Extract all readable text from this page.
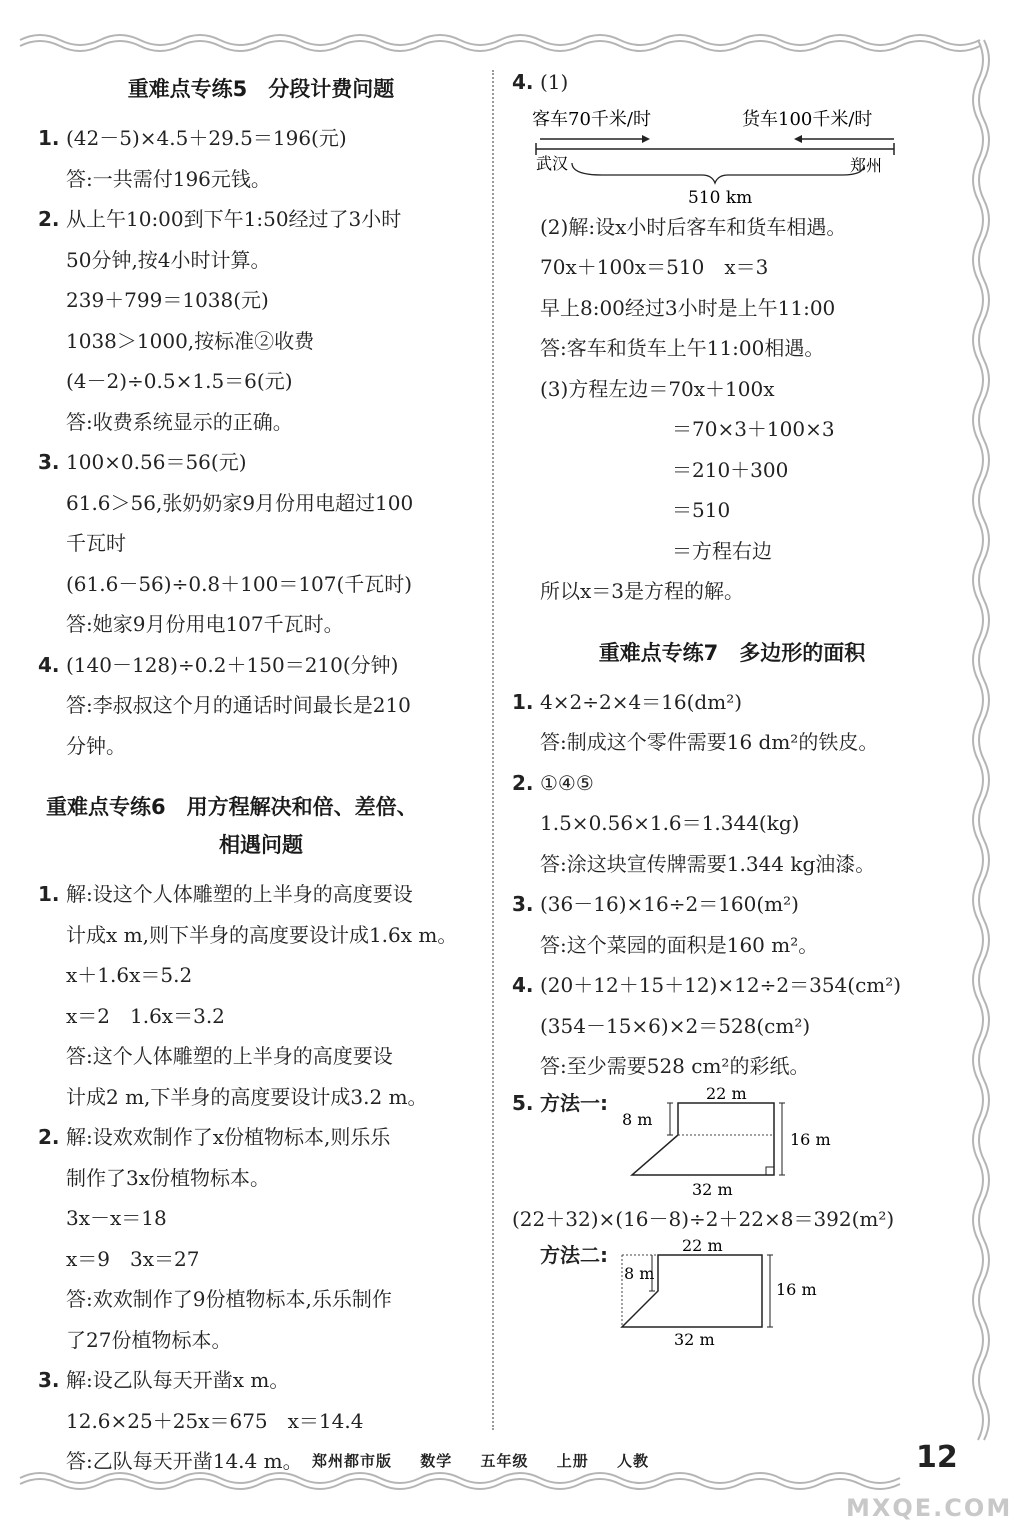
重难点专练5　分段计费问题
1. (42－5)×4.5＋29.5＝196(元)
答:一共需付196元钱。
2. 从上午10:00到下午1:50经过了3小时
50分钟,按4小时计算。
239＋799＝1038(元)
1038＞1000,按标准②收费
(4－2)÷0.5×1.5＝6(元)
答:收费系统显示的正确。
3. 100×0.56＝56(元)
61.6＞56,张奶奶家9月份用电超过100
千瓦时
(61.6－56)÷0.8＋100＝107(千瓦时)
答:她家9月份用电107千瓦时。
4. (140－128)÷0.2＋150＝210(分钟)
答:李叔叔这个月的通话时间最长是210
分钟。
重难点专练6　用方程解决和倍、差倍、
相遇问题
1. 解:设这个人体雕塑的上半身的高度要设
计成x m,则下半身的高度要设计成1.6x m。
x＋1.6x＝5.2
x＝2　1.6x＝3.2
答:这个人体雕塑的上半身的高度要设
计成2 m,下半身的高度要设计成3.2 m。
2. 解:设欢欢制作了x份植物标本,则乐乐
制作了3x份植物标本。
3x－x＝18
x＝9　3x＝27
答:欢欢制作了9份植物标本,乐乐制作
了27份植物标本。
3. 解:设乙队每天开凿x m。
12.6×25＋25x＝675　x＝14.4
答:乙队每天开凿14.4 m。
4. (1)
客车70千米/时	货车100千米/时
武汉	郑州
510 km
(2)解:设x小时后客车和货车相遇。
70x＋100x＝510　x＝3
早上8:00经过3小时是上午11:00
答:客车和货车上午11:00相遇。
(3)方程左边＝70x＋100x
＝70×3＋100×3
＝210＋300
＝510
＝方程右边
所以x＝3是方程的解。
重难点专练7　多边形的面积
1. 4×2÷2×4＝16(dm²)
答:制成这个零件需要16 dm²的铁皮。
2. ①④⑤
1.5×0.56×1.6＝1.344(kg)
答:涂这块宣传牌需要1.344 kg油漆。
3. (36－16)×16÷2＝160(m²)
答:这个菜园的面积是160 m²。
4. (20＋12＋15＋12)×12÷2＝354(cm²)
(354－15×6)×2＝528(cm²)
答:至少需要528 cm²的彩纸。
5. 方法一:	22 m
8 m
16 m
32 m
(22＋32)×(16－8)÷2＋22×8＝392(m²)
方法二:	22 m
8 m
16 m
32 m
郑州都市版 数学 五年级 上册 人教	12
MXQE.COM
